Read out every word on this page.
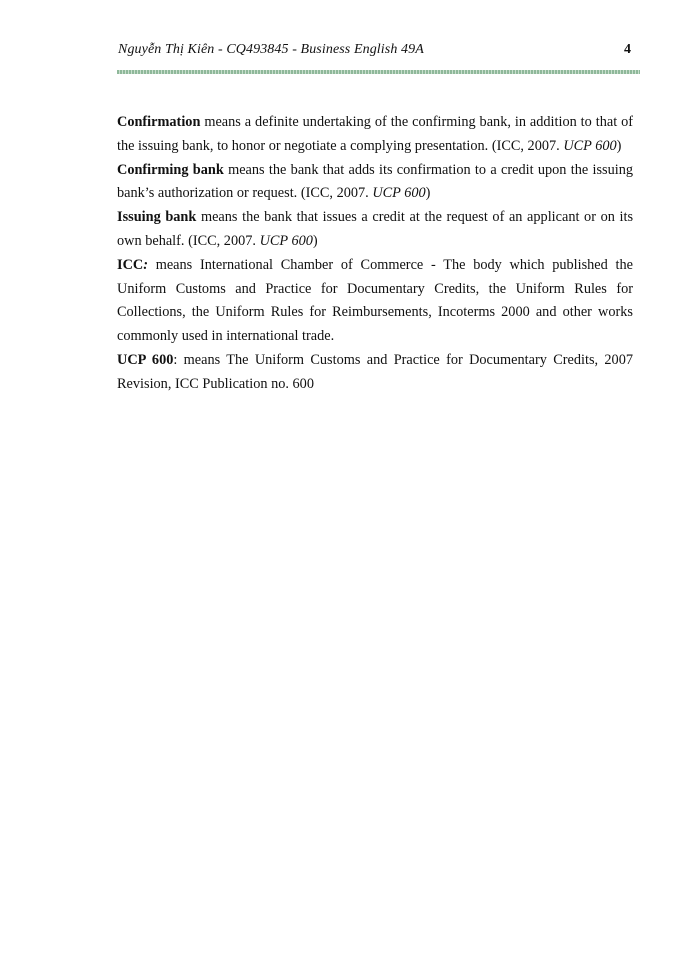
Nguyễn Thị Kiên - CQ493845 - Business English 49A	4

Confirmation means a definite undertaking of the confirming bank, in addition to that of the issuing bank, to honor or negotiate a complying presentation. (ICC, 2007. UCP 600)

Confirming bank means the bank that adds its confirmation to a credit upon the issuing bank’s authorization or request. (ICC, 2007. UCP 600)

Issuing bank means the bank that issues a credit at the request of an applicant or on its own behalf. (ICC, 2007. UCP 600)

ICC: means International Chamber of Commerce - The body which published the Uniform Customs and Practice for Documentary Credits, the Uniform Rules for Collections, the Uniform Rules for Reimbursements, Incoterms 2000 and other works commonly used in international trade.

UCP 600: means The Uniform Customs and Practice for Documentary Credits, 2007 Revision, ICC Publication no. 600
